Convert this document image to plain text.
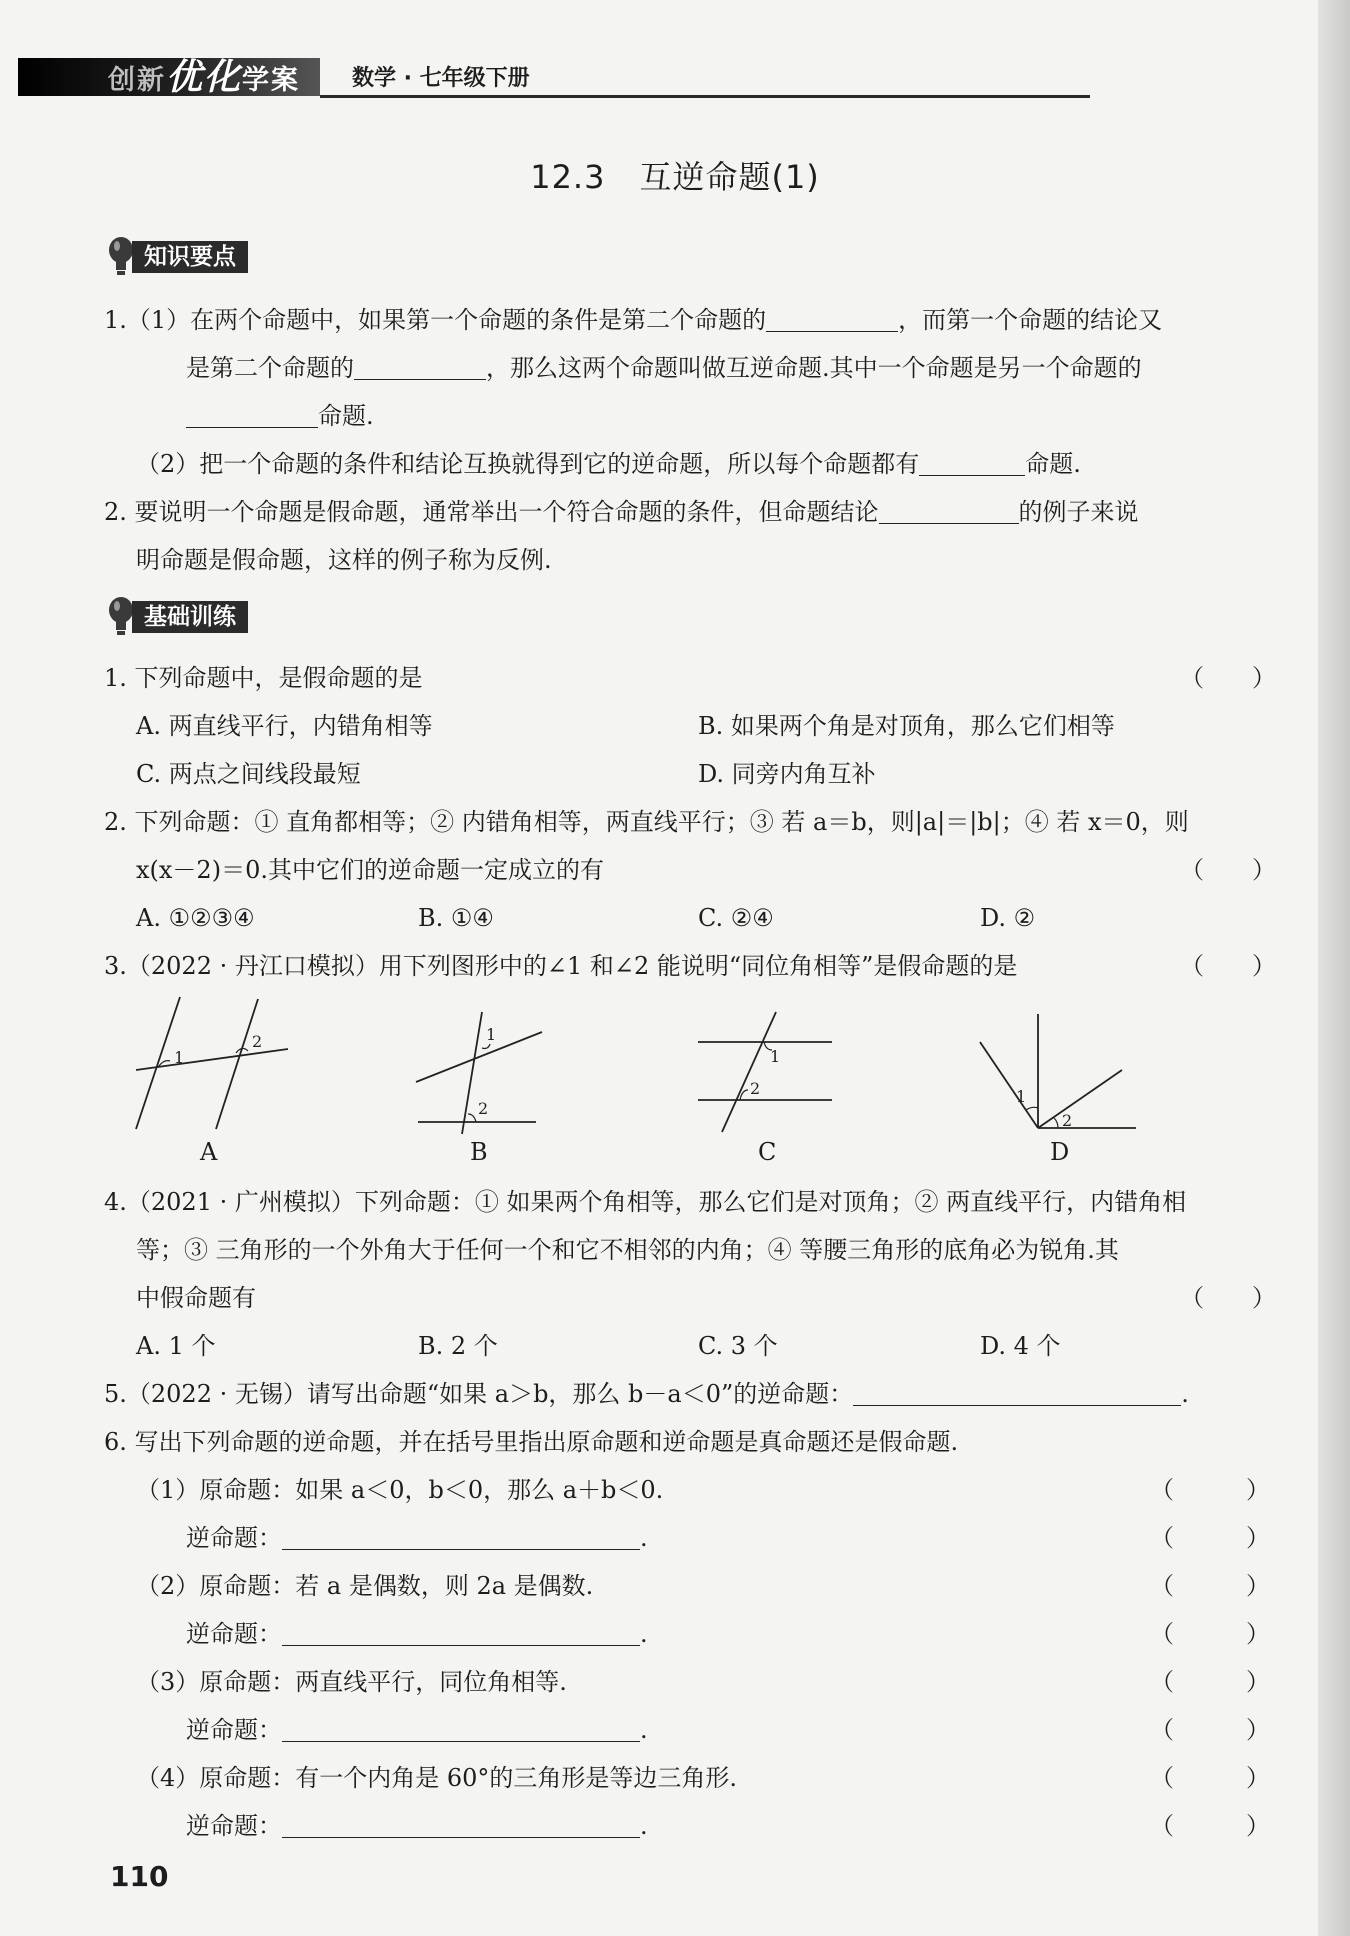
创新优化学案 数学 · 七年级下册
12.3 互逆命题(1)
知识要点
1.（1）在两个命题中，如果第一个命题的条件是第二个命题的	，而第一个命题的结论又
是第二个命题的	，那么这两个命题叫做互逆命题.其中一个命题是另一个命题的
命题.
（2）把一个命题的条件和结论互换就得到它的逆命题，所以每个命题都有	命题.
2. 要说明一个命题是假命题，通常举出一个符合命题的条件，但命题结论	的例子来说
明命题是假命题，这样的例子称为反例.
基础训练
1. 下列命题中，是假命题的是	（　　）
A. 两直线平行，内错角相等	B. 如果两个角是对顶角，那么它们相等
C. 两点之间线段最短	D. 同旁内角互补
2. 下列命题：① 直角都相等；② 内错角相等，两直线平行；③ 若 a＝b，则|a|＝|b|；④ 若 x＝0，则
x(x－2)＝0.其中它们的逆命题一定成立的有	（　　）
A. ①②③④	B. ①④	C. ②④	D. ②
3.（2022 · 丹江口模拟）用下列图形中的∠1 和∠2 能说明“同位角相等”是假命题的是	（　　）
1
2
A
1
2
B
1
2
C
1
2
D
4.（2021 · 广州模拟）下列命题：① 如果两个角相等，那么它们是对顶角；② 两直线平行，内错角相
等；③ 三角形的一个外角大于任何一个和它不相邻的内角；④ 等腰三角形的底角必为锐角.其
中假命题有	（　　）
A. 1 个	B. 2 个	C. 3 个	D. 4 个
5.（2022 · 无锡）请写出命题“如果 a＞b，那么 b－a＜0”的逆命题：	.
6. 写出下列命题的逆命题，并在括号里指出原命题和逆命题是真命题还是假命题.
（1）原命题：如果 a＜0，b＜0，那么 a＋b＜0.	（　　　）
逆命题：	.	（　　　）
（2）原命题：若 a 是偶数，则 2a 是偶数.	（　　　）
逆命题：	.	（　　　）
（3）原命题：两直线平行，同位角相等.	（　　　）
逆命题：	.	（　　　）
（4）原命题：有一个内角是 60°的三角形是等边三角形.	（　　　）
逆命题：	.	（　　　）
110
